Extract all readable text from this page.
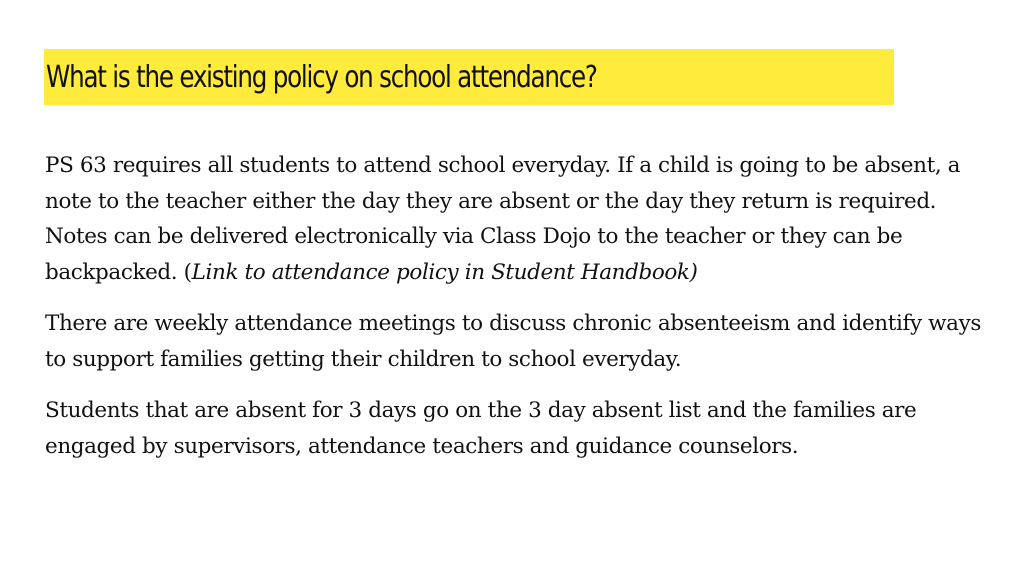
What is the existing policy on school attendance?

PS 63 requires all students to attend school everyday. If a child is going to be absent, a note to the teacher either the day they are absent or the day they return is required. Notes can be delivered electronically via Class Dojo to the teacher or they can be backpacked. (Link to attendance policy in Student Handbook)

There are weekly attendance meetings to discuss chronic absenteeism and identify ways to support families getting their children to school everyday.

Students that are absent for 3 days go on the 3 day absent list and the families are engaged by supervisors, attendance teachers and guidance counselors.
